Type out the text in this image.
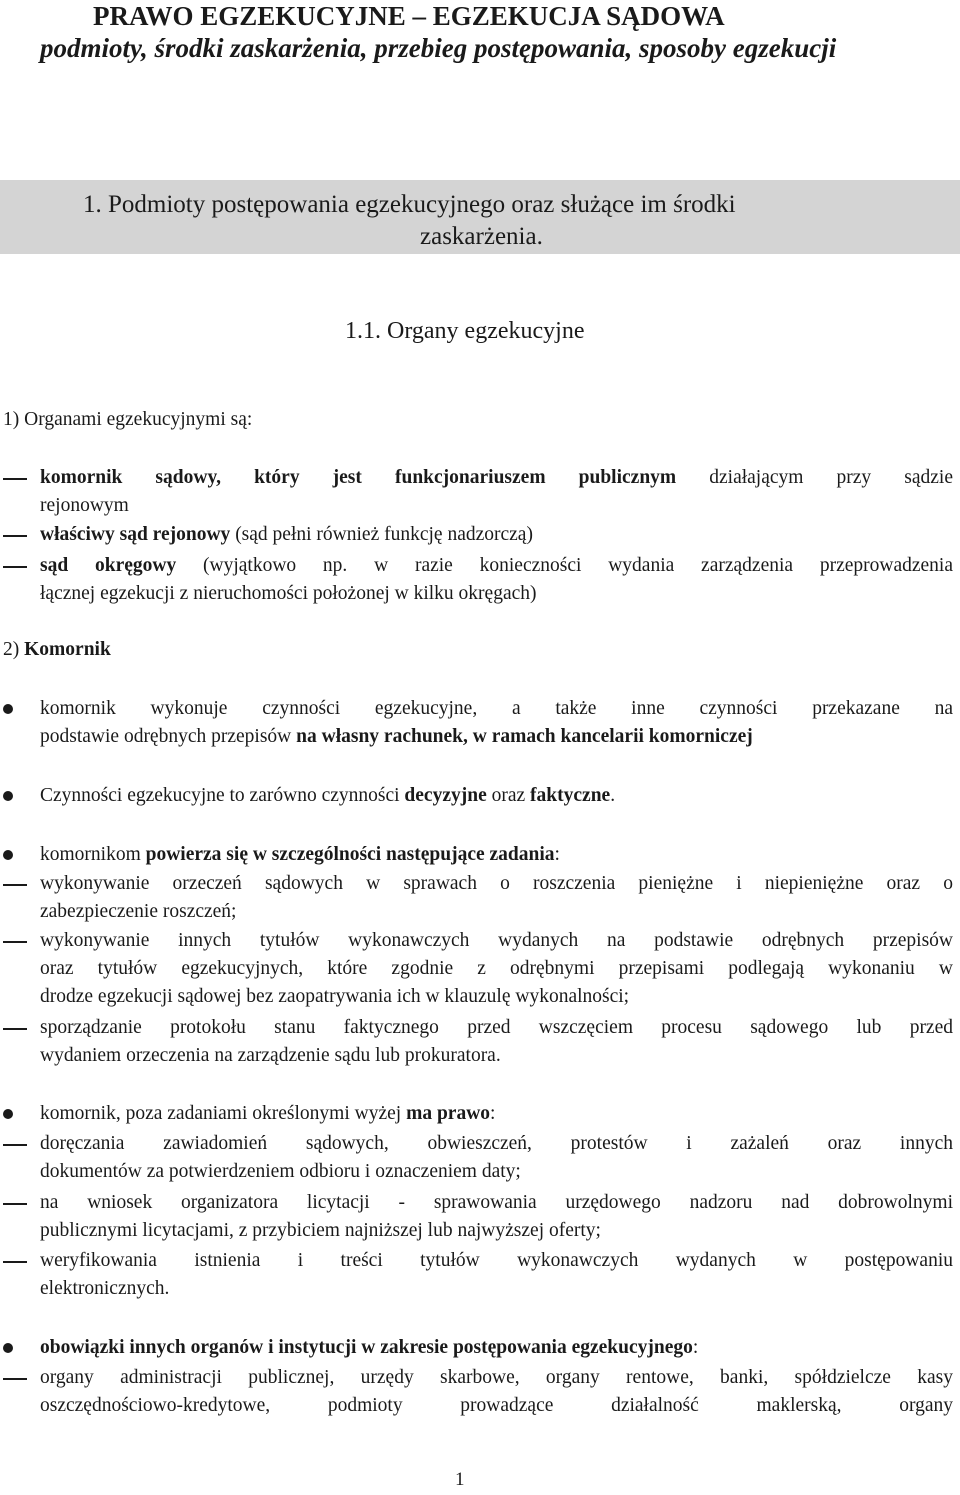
PRAWO EGZEKUCYJNE – EGZEKUCJA SĄDOWA
podmioty, środki zaskarżenia, przebieg postępowania, sposoby egzekucji
1. Podmioty postępowania egzekucyjnego oraz służące im środki
zaskarżenia.
1.1. Organy egzekucyjne
1) Organami egzekucyjnymi są:
komornik sądowy, który jest funkcjonariuszem publicznym działającym przy sądzie
rejonowym
właściwy sąd rejonowy (sąd pełni również funkcję nadzorczą)
sąd okręgowy (wyjątkowo np. w razie konieczności wydania zarządzenia przeprowadzenia
łącznej egzekucji z nieruchomości położonej w kilku okręgach)
2) Komornik
komornik wykonuje czynności egzekucyjne, a także inne czynności przekazane na
podstawie odrębnych przepisów na własny rachunek, w ramach kancelarii komorniczej
Czynności egzekucyjne to zarówno czynności decyzyjne oraz faktyczne.
komornikom powierza się w szczególności następujące zadania:
wykonywanie orzeczeń sądowych w sprawach o roszczenia pieniężne i niepieniężne oraz o
zabezpieczenie roszczeń;
wykonywanie innych tytułów wykonawczych wydanych na podstawie odrębnych przepisów
oraz tytułów egzekucyjnych, które zgodnie z odrębnymi przepisami podlegają wykonaniu w
drodze egzekucji sądowej bez zaopatrywania ich w klauzulę wykonalności;
sporządzanie protokołu stanu faktycznego przed wszczęciem procesu sądowego lub przed
wydaniem orzeczenia na zarządzenie sądu lub prokuratora.
komornik, poza zadaniami określonymi wyżej ma prawo:
doręczania zawiadomień sądowych, obwieszczeń, protestów i zażaleń oraz innych
dokumentów za potwierdzeniem odbioru i oznaczeniem daty;
na wniosek organizatora licytacji - sprawowania urzędowego nadzoru nad dobrowolnymi
publicznymi licytacjami, z przybiciem najniższej lub najwyższej oferty;
weryfikowania istnienia i treści tytułów wykonawczych wydanych w postępowaniu
elektronicznych.
obowiązki innych organów i instytucji w zakresie postępowania egzekucyjnego:
organy administracji publicznej, urzędy skarbowe, organy rentowe, banki, spółdzielcze kasy
oszczędnościowo-kredytowe, podmioty prowadzące działalność maklerską, organy
1
